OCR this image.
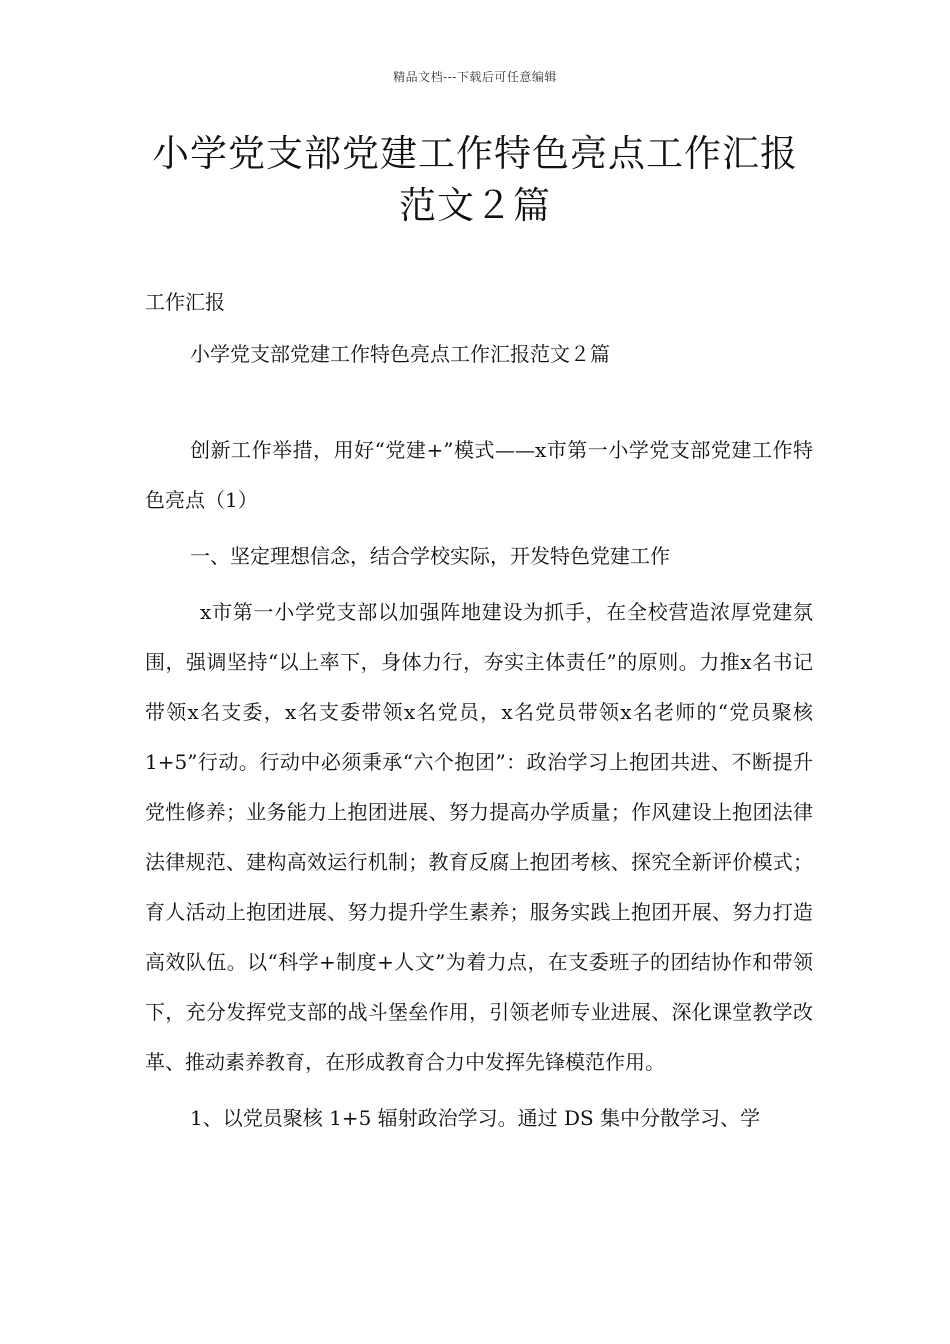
精品文档---下载后可任意编辑
小学党支部党建工作特色亮点工作汇报
范文２篇

工作汇报

小学党支部党建工作特色亮点工作汇报范文２篇

创新工作举措，用好“党建+”模式——x市第一小学党支部党建工作特色亮点（1）

一、坚定理想信念，结合学校实际，开发特色党建工作

x市第一小学党支部以加强阵地建设为抓手，在全校营造浓厚党建氛围，强调坚持“以上率下，身体力行，夯实主体责任”的原则。力推x名书记带领x名支委，x名支委带领x名党员，x名党员带领x名老师的“党员聚核 1+5”行动。行动中必须秉承“六个抱团”：政治学习上抱团共进、不断提升党性修养；业务能力上抱团进展、努力提高办学质量；作风建设上抱团法律法律规范、建构高效运行机制；教育反腐上抱团考核、探究全新评价模式；育人活动上抱团进展、努力提升学生素养；服务实践上抱团开展、努力打造高效队伍。以“科学+制度+人文”为着力点，在支委班子的团结协作和带领下，充分发挥党支部的战斗堡垒作用，引领老师专业进展、深化课堂教学改革、推动素养教育，在形成教育合力中发挥先锋模范作用。

1、以党员聚核 1+5 辐射政治学习。通过 DS 集中分散学习、学
